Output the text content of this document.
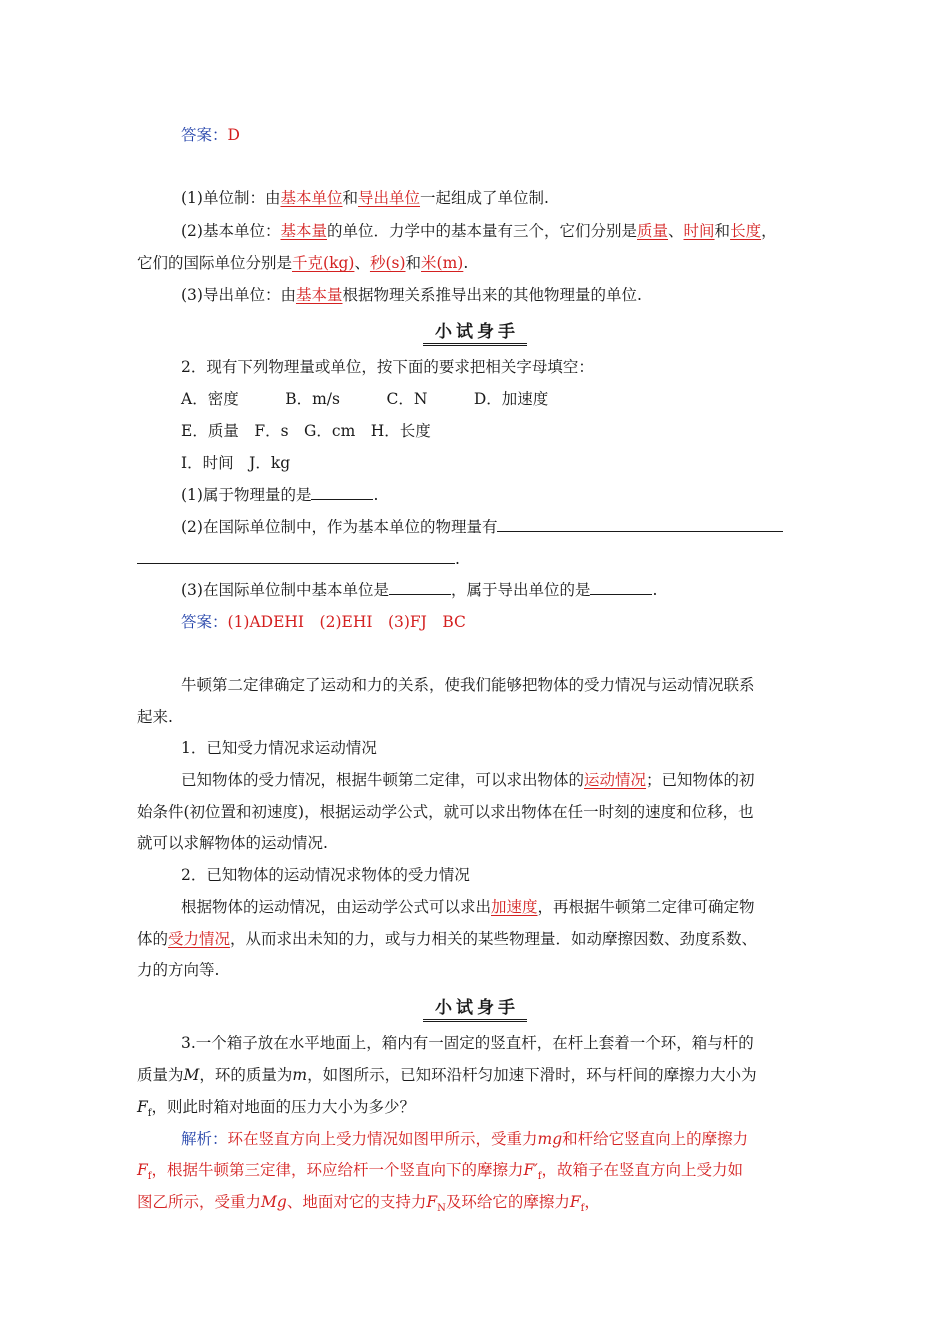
答案：D
(1)单位制：由基本单位和导出单位一起组成了单位制.
(2)基本单位：基本量的单位．力学中的基本量有三个，它们分别是质量、时间和长度，
它们的国际单位分别是千克(kg)、秒(s)和米(m).
(3)导出单位：由基本量根据物理关系推导出来的其他物理量的单位.
小试身手
2．现有下列物理量或单位，按下面的要求把相关字母填空：
A．密度　　　B．m/s　　　C．N　　　D．加速度
E．质量　F．s　G．cm　H．长度
I．时间　J．kg
(1)属于物理量的是	.
(2)在国际单位制中，作为基本单位的物理量有
.
(3)在国际单位制中基本单位是	，属于导出单位的是	.
答案：(1)ADEHI　(2)EHI　(3)FJ　BC
牛顿第二定律确定了运动和力的关系，使我们能够把物体的受力情况与运动情况联系
起来.
1．已知受力情况求运动情况
已知物体的受力情况，根据牛顿第二定律，可以求出物体的运动情况；已知物体的初
始条件(初位置和初速度)，根据运动学公式，就可以求出物体在任一时刻的速度和位移，也
就可以求解物体的运动情况.
2．已知物体的运动情况求物体的受力情况
根据物体的运动情况，由运动学公式可以求出加速度，再根据牛顿第二定律可确定物
体的受力情况，从而求出未知的力，或与力相关的某些物理量．如动摩擦因数、劲度系数、
力的方向等.
小试身手
3.一个箱子放在水平地面上，箱内有一固定的竖直杆，在杆上套着一个环，箱与杆的
质量为M，环的质量为m，如图所示，已知环沿杆匀加速下滑时，环与杆间的摩擦力大小为
$F_f$，则此时箱对地面的压力大小为多少？
解析：环在竖直方向上受力情况如图甲所示，受重力mg和杆给它竖直向上的摩擦力
$F_f$，根据牛顿第三定律，环应给杆一个竖直向下的摩擦力$F'_f$，故箱子在竖直方向上受力如
图乙所示，受重力Mg、地面对它的支持力$F_N$及环给它的摩擦力$F_f$，
